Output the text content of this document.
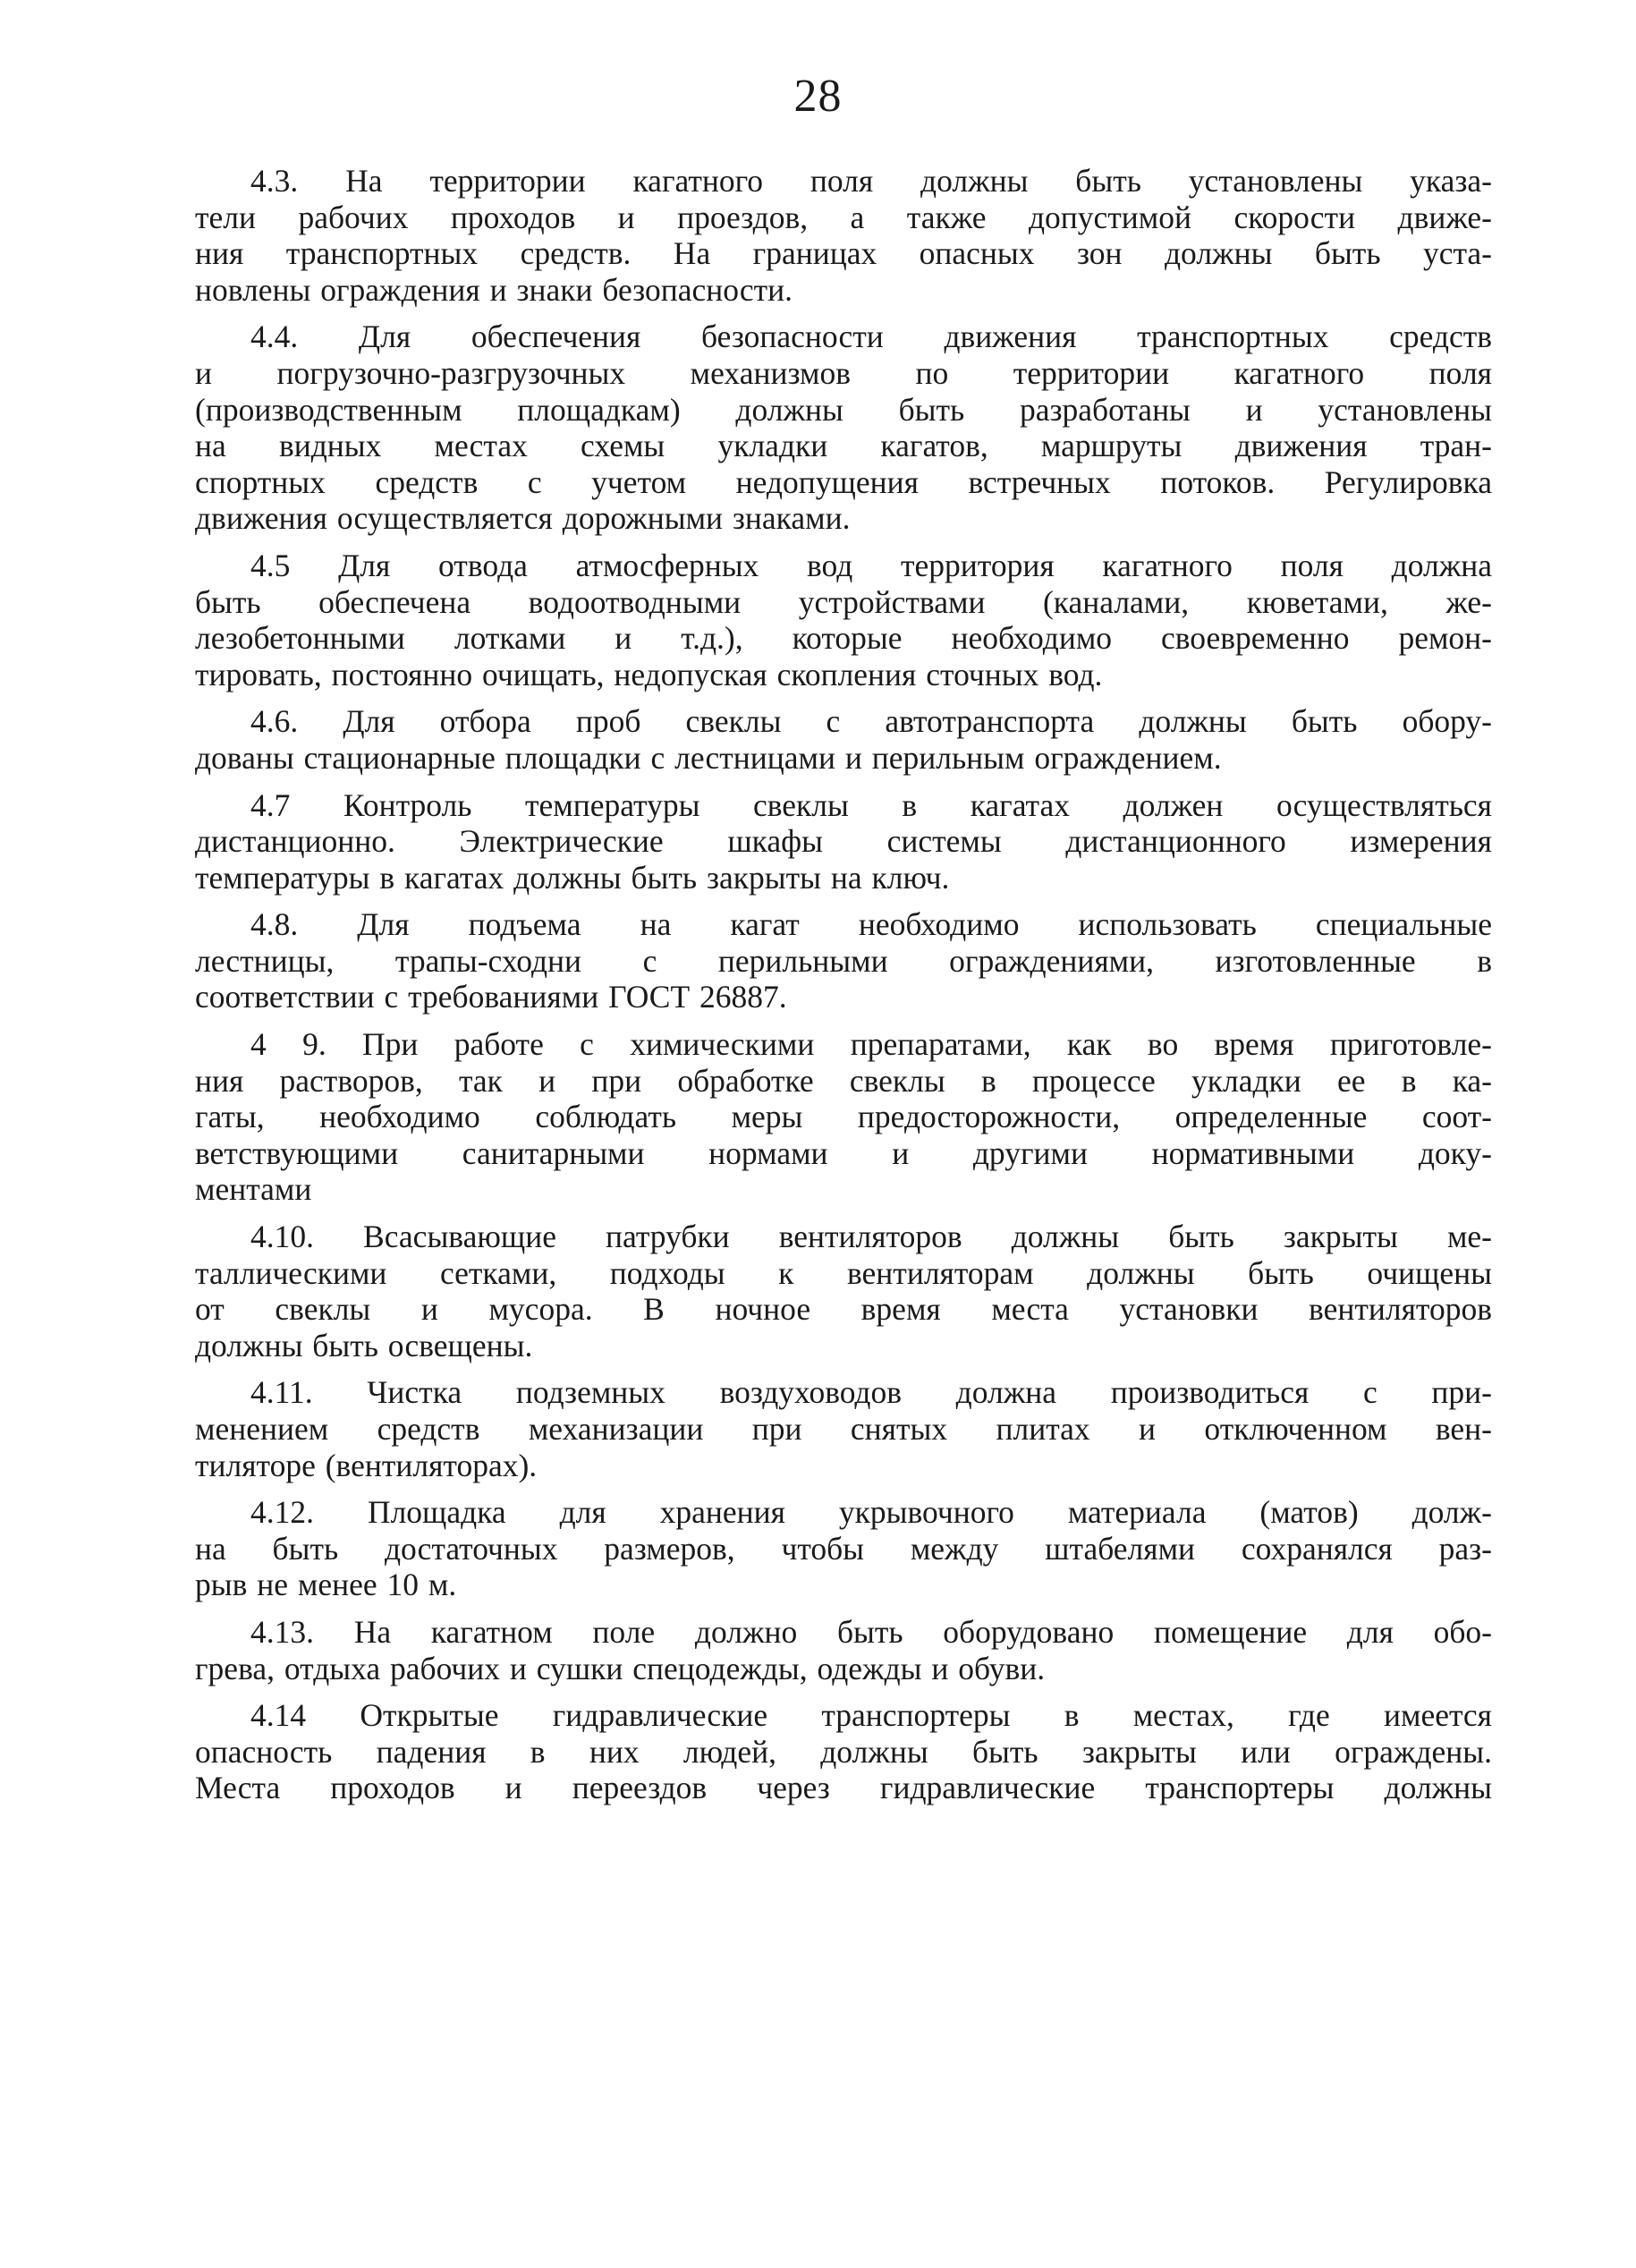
28
4.3. На территории кагатного поля должны быть установлены указа-
тели рабочих проходов и проездов, а также допустимой скорости движе-
ния транспортных средств. На границах опасных зон должны быть уста-
новлены ограждения и знаки безопасности.
4.4. Для обеспечения безопасности движения транспортных средств
и погрузочно-разгрузочных механизмов по территории кагатного поля
(производственным площадкам) должны быть разработаны и установлены
на видных местах схемы укладки кагатов, маршруты движения тран-
спортных средств с учетом недопущения встречных потоков. Регулировка
движения осуществляется дорожными знаками.
4.5 Для отвода атмосферных вод территория кагатного поля должна
быть обеспечена водоотводными устройствами (каналами, кюветами, же-
лезобетонными лотками и т.д.), которые необходимо своевременно ремон-
тировать, постоянно очищать, недопуская скопления сточных вод.
4.6. Для отбора проб свеклы с автотранспорта должны быть обору-
дованы стационарные площадки с лестницами и перильным ограждением.
4.7 Контроль температуры свеклы в кагатах должен осуществляться
дистанционно. Электрические шкафы системы дистанционного измерения
температуры в кагатах должны быть закрыты на ключ.
4.8. Для подъема на кагат необходимо использовать специальные
лестницы, трапы-сходни с перильными ограждениями, изготовленные в
соответствии с требованиями ГОСТ 26887.
4 9. При работе с химическими препаратами, как во время приготовле-
ния растворов, так и при обработке свеклы в процессе укладки ее в ка-
гаты, необходимо соблюдать меры предосторожности, определенные соот-
ветствующими санитарными нормами и другими нормативными доку-
ментами
4.10. Всасывающие патрубки вентиляторов должны быть закрыты ме-
таллическими сетками, подходы к вентиляторам должны быть очищены
от свеклы и мусора. В ночное время места установки вентиляторов
должны быть освещены.
4.11. Чистка подземных воздуховодов должна производиться с при-
менением средств механизации при снятых плитах и отключенном вен-
тиляторе (вентиляторах).
4.12. Площадка для хранения укрывочного материала (матов) долж-
на быть достаточных размеров, чтобы между штабелями сохранялся раз-
рыв не менее 10 м.
4.13. На кагатном поле должно быть оборудовано помещение для обо-
грева, отдыха рабочих и сушки спецодежды, одежды и обуви.
4.14 Открытые гидравлические транспортеры в местах, где имеется
опасность падения в них людей, должны быть закрыты или ограждены.
Места проходов и переездов через гидравлические транспортеры должны
